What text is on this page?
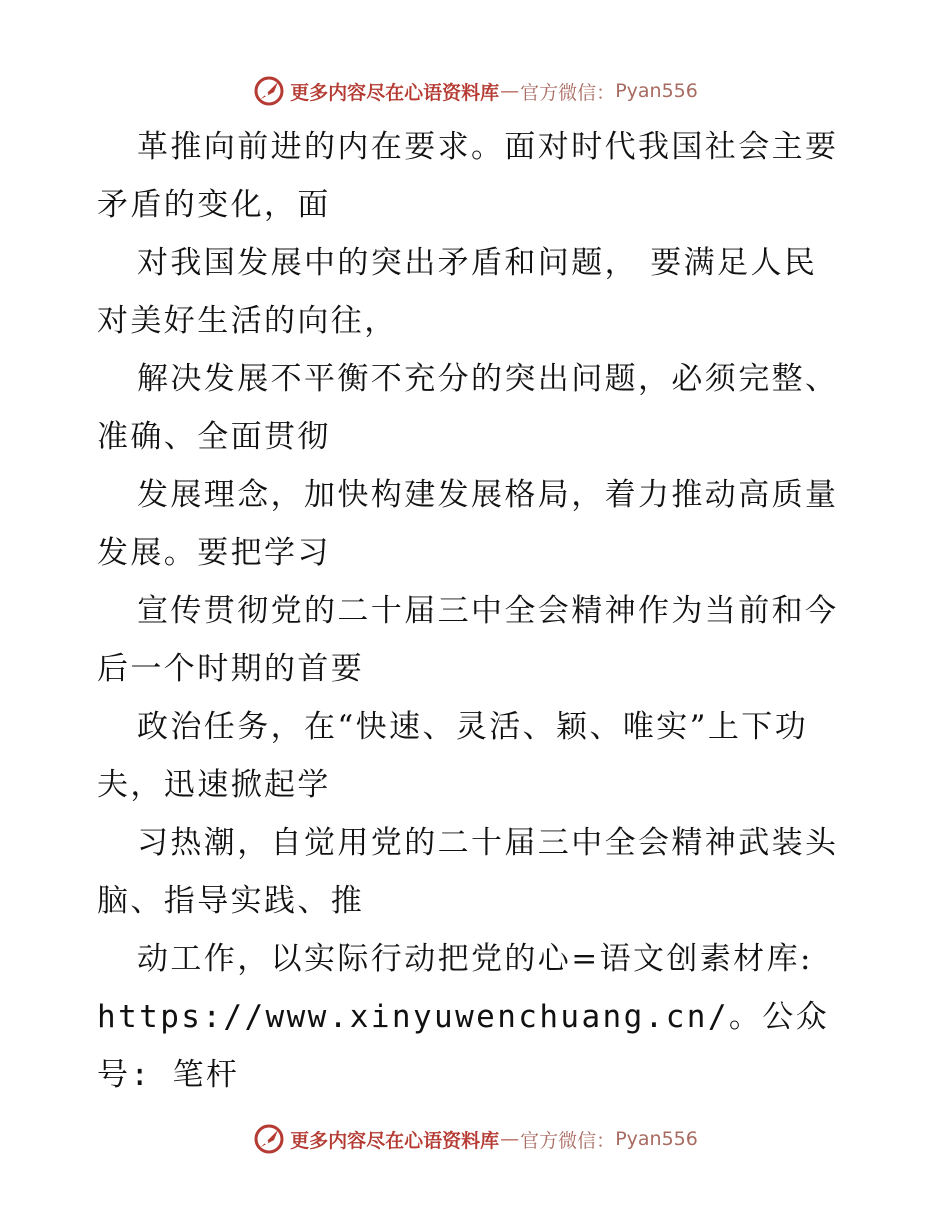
更多内容尽在心语资料库 — 官方微信： Pyan556

革推向前进的内在要求。面对时代我国社会主要
矛盾的变化，面

对我国发展中的突出矛盾和问题， 要满足人民
对美好生活的向往，

解决发展不平衡不充分的突出问题，必须完整、
准确、全面贯彻

发展理念，加快构建发展格局，着力推动高质量
发展。要把学习

宣传贯彻党的二十届三中全会精神作为当前和今
后一个时期的首要

政治任务，在“快速、灵活、颖、唯实”上下功
夫，迅速掀起学

习热潮，自觉用党的二十届三中全会精神武装头
脑、指导实践、推

动工作，以实际行动把党的心=语文创素材库:
https://www.xinyuwenchuang.cn/。公众号: 笔杆

更多内容尽在心语资料库 — 官方微信： Pyan556
